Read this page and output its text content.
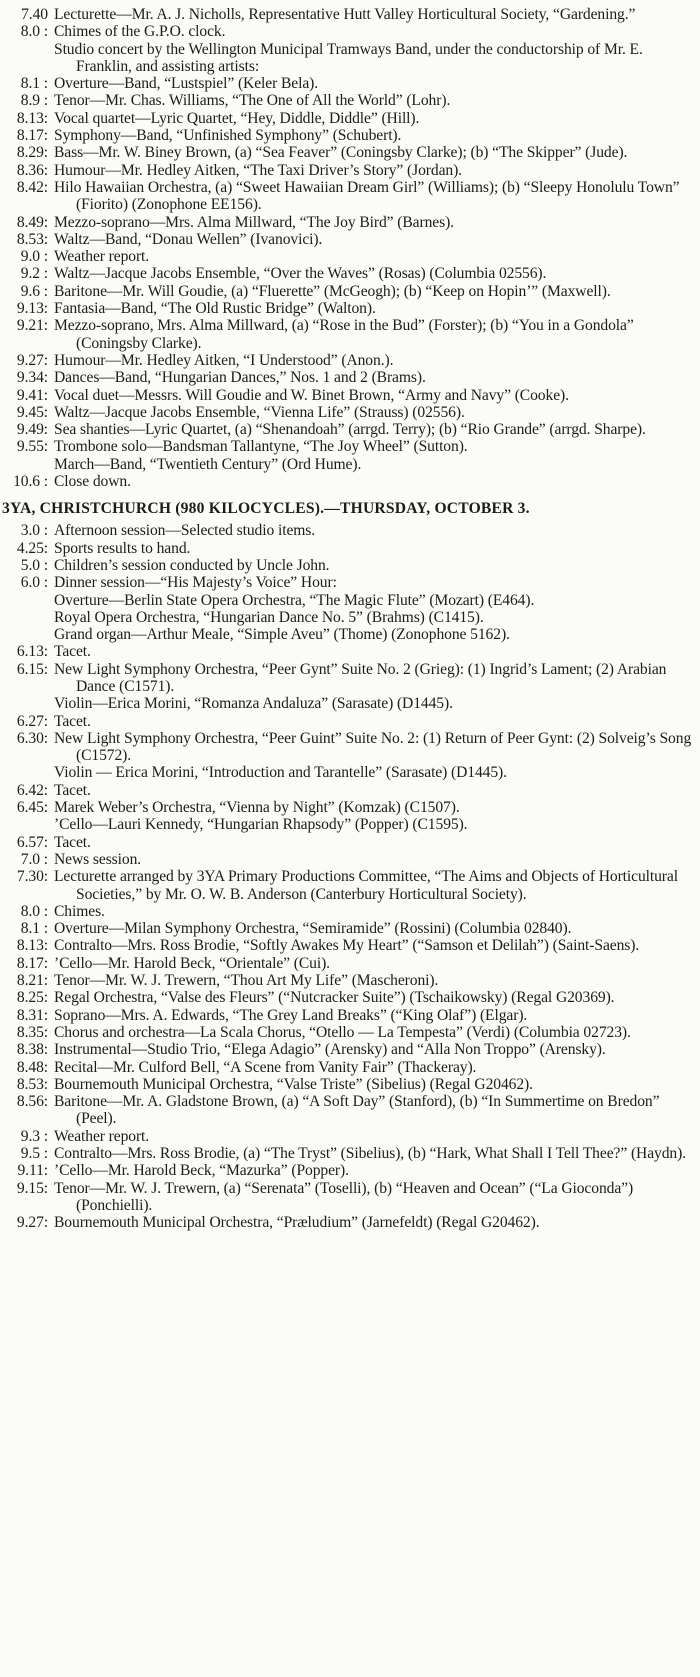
7.40 Lecturette—Mr. A. J. Nicholls, Representative Hutt Valley Horticultural Society, “Gardening.”
8.0 : Chimes of the G.P.O. clock.
Studio concert by the Wellington Municipal Tramways Band, under the conductorship of Mr. E. Franklin, and assisting artists:
8.1 : Overture—Band, “Lustspiel” (Keler Bela).
8.9 : Tenor—Mr. Chas. Williams, “The One of All the World” (Lohr).
8.13: Vocal quartet—Lyric Quartet, “Hey, Diddle, Diddle” (Hill).
8.17: Symphony—Band, “Unfinished Symphony” (Schubert).
8.29: Bass—Mr. W. Biney Brown, (a) “Sea Feaver” (Coningsby Clarke); (b) “The Skipper” (Jude).
8.36: Humour—Mr. Hedley Aitken, “The Taxi Driver’s Story” (Jordan).
8.42: Hilo Hawaiian Orchestra, (a) “Sweet Hawaiian Dream Girl” (Williams); (b) “Sleepy Honolulu Town” (Fiorito) (Zonophone EE156).
8.49: Mezzo-soprano—Mrs. Alma Millward, “The Joy Bird” (Barnes).
8.53: Waltz—Band, “Donau Wellen” (Ivanovici).
9.0 : Weather report.
9.2 : Waltz—Jacque Jacobs Ensemble, “Over the Waves” (Rosas) (Columbia 02556).
9.6 : Baritone—Mr. Will Goudie, (a) “Fluerette” (McGeogh); (b) “Keep on Hopin’” (Maxwell).
9.13: Fantasia—Band, “The Old Rustic Bridge” (Walton).
9.21: Mezzo-soprano, Mrs. Alma Millward, (a) “Rose in the Bud” (Forster); (b) “You in a Gondola” (Coningsby Clarke).
9.27: Humour—Mr. Hedley Aitken, “I Understood” (Anon.).
9.34: Dances—Band, “Hungarian Dances,” Nos. 1 and 2 (Brams).
9.41: Vocal duet—Messrs. Will Goudie and W. Binet Brown, “Army and Navy” (Cooke).
9.45: Waltz—Jacque Jacobs Ensemble, “Vienna Life” (Strauss) (02556).
9.49: Sea shanties—Lyric Quartet, (a) “Shenandoah” (arrgd. Terry); (b) “Rio Grande” (arrgd. Sharpe).
9.55: Trombone solo—Bandsman Tallantyne, “The Joy Wheel” (Sutton).
March—Band, “Twentieth Century” (Ord Hume).
10.6 : Close down.
3YA, CHRISTCHURCH (980 KILOCYCLES).—THURSDAY, OCTOBER 3.
3.0 : Afternoon session—Selected studio items.
4.25: Sports results to hand.
5.0 : Children’s session conducted by Uncle John.
6.0 : Dinner session—“His Majesty’s Voice” Hour:
Overture—Berlin State Opera Orchestra, “The Magic Flute” (Mozart) (E464).
Royal Opera Orchestra, “Hungarian Dance No. 5” (Brahms) (C1415).
Grand organ—Arthur Meale, “Simple Aveu” (Thome) (Zonophone 5162).
6.13: Tacet.
6.15: New Light Symphony Orchestra, “Peer Gynt” Suite No. 2 (Grieg): (1) Ingrid’s Lament; (2) Arabian Dance (C1571).
Violin—Erica Morini, “Romanza Andaluza” (Sarasate) (D1445).
6.27: Tacet.
6.30: New Light Symphony Orchestra, “Peer Guint” Suite No. 2: (1) Return of Peer Gynt: (2) Solveig’s Song (C1572).
Violin — Erica Morini, “Introduction and Tarantelle” (Sarasate) (D1445).
6.42: Tacet.
6.45: Marek Weber’s Orchestra, “Vienna by Night” (Komzak) (C1507).
’Cello—Lauri Kennedy, “Hungarian Rhapsody” (Popper) (C1595).
6.57: Tacet.
7.0 : News session.
7.30: Lecturette arranged by 3YA Primary Productions Committee, “The Aims and Objects of Horticultural Societies,” by Mr. O. W. B. Anderson (Canterbury Horticultural Society).
8.0 : Chimes.
8.1 : Overture—Milan Symphony Orchestra, “Semiramide” (Rossini) (Columbia 02840).
8.13: Contralto—Mrs. Ross Brodie, “Softly Awakes My Heart” (“Samson et Delilah”) (Saint-Saens).
8.17: ’Cello—Mr. Harold Beck, “Orientale” (Cui).
8.21: Tenor—Mr. W. J. Trewern, “Thou Art My Life” (Mascheroni).
8.25: Regal Orchestra, “Valse des Fleurs” (“Nutcracker Suite”) (Tschaikowsky) (Regal G20369).
8.31: Soprano—Mrs. A. Edwards, “The Grey Land Breaks” (“King Olaf”) (Elgar).
8.35: Chorus and orchestra—La Scala Chorus, “Otello — La Tempesta” (Verdi) (Columbia 02723).
8.38: Instrumental—Studio Trio, “Elega Adagio” (Arensky) and “Alla Non Troppo” (Arensky).
8.48: Recital—Mr. Culford Bell, “A Scene from Vanity Fair” (Thackeray).
8.53: Bournemouth Municipal Orchestra, “Valse Triste” (Sibelius) (Regal G20462).
8.56: Baritone—Mr. A. Gladstone Brown, (a) “A Soft Day” (Stanford), (b) “In Summertime on Bredon” (Peel).
9.3 : Weather report.
9.5 : Contralto—Mrs. Ross Brodie, (a) “The Tryst” (Sibelius), (b) “Hark, What Shall I Tell Thee?” (Haydn).
9.11: ’Cello—Mr. Harold Beck, “Mazurka” (Popper).
9.15: Tenor—Mr. W. J. Trewern, (a) “Serenata” (Toselli), (b) “Heaven and Ocean” (“La Gioconda”) (Ponchielli).
9.27: Bournemouth Municipal Orchestra, “Præludium” (Jarnefeldt) (Regal G20462).
